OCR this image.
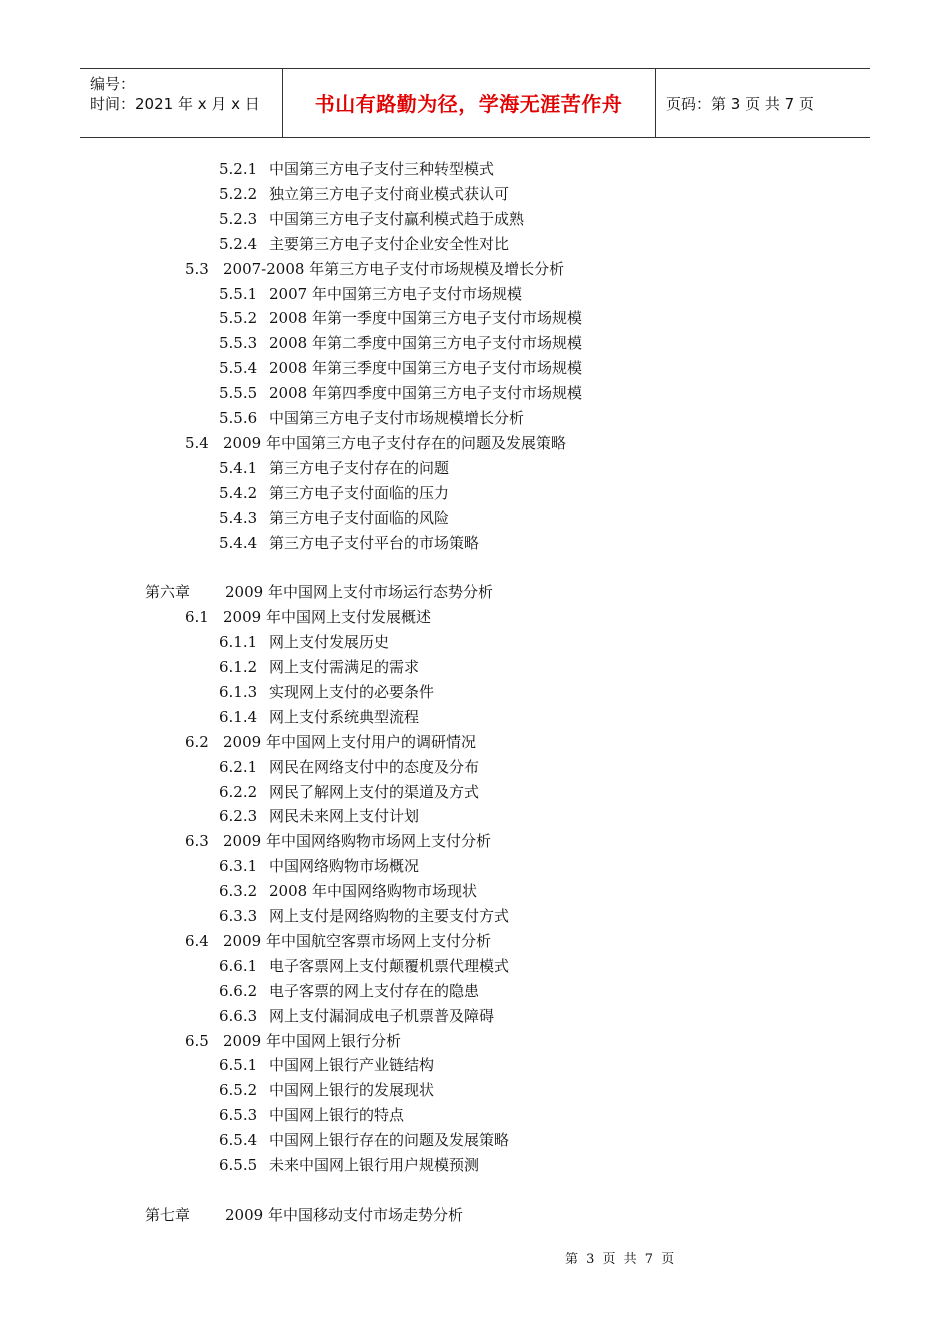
编号：
时间：2021 年 x 月 x 日	书山有路勤为径，学海无涯苦作舟	页码：第 3 页 共 7 页
5.2.1 中国第三方电子支付三种转型模式
5.2.2 独立第三方电子支付商业模式获认可
5.2.3 中国第三方电子支付赢利模式趋于成熟
5.2.4 主要第三方电子支付企业安全性对比
5.3 2007-2008 年第三方电子支付市场规模及增长分析
5.5.1 2007 年中国第三方电子支付市场规模
5.5.2 2008 年第一季度中国第三方电子支付市场规模
5.5.3 2008 年第二季度中国第三方电子支付市场规模
5.5.4 2008 年第三季度中国第三方电子支付市场规模
5.5.5 2008 年第四季度中国第三方电子支付市场规模
5.5.6 中国第三方电子支付市场规模增长分析
5.4 2009 年中国第三方电子支付存在的问题及发展策略
5.4.1 第三方电子支付存在的问题
5.4.2 第三方电子支付面临的压力
5.4.3 第三方电子支付面临的风险
5.4.4 第三方电子支付平台的市场策略
第六章 2009 年中国网上支付市场运行态势分析
6.1 2009 年中国网上支付发展概述
6.1.1 网上支付发展历史
6.1.2 网上支付需满足的需求
6.1.3 实现网上支付的必要条件
6.1.4 网上支付系统典型流程
6.2 2009 年中国网上支付用户的调研情况
6.2.1 网民在网络支付中的态度及分布
6.2.2 网民了解网上支付的渠道及方式
6.2.3 网民未来网上支付计划
6.3 2009 年中国网络购物市场网上支付分析
6.3.1 中国网络购物市场概况
6.3.2 2008 年中国网络购物市场现状
6.3.3 网上支付是网络购物的主要支付方式
6.4 2009 年中国航空客票市场网上支付分析
6.6.1 电子客票网上支付颠覆机票代理模式
6.6.2 电子客票的网上支付存在的隐患
6.6.3 网上支付漏洞成电子机票普及障碍
6.5 2009 年中国网上银行分析
6.5.1 中国网上银行产业链结构
6.5.2 中国网上银行的发展现状
6.5.3 中国网上银行的特点
6.5.4 中国网上银行存在的问题及发展策略
6.5.5 未来中国网上银行用户规模预测
第七章 2009 年中国移动支付市场走势分析
第 3 页 共 7 页
